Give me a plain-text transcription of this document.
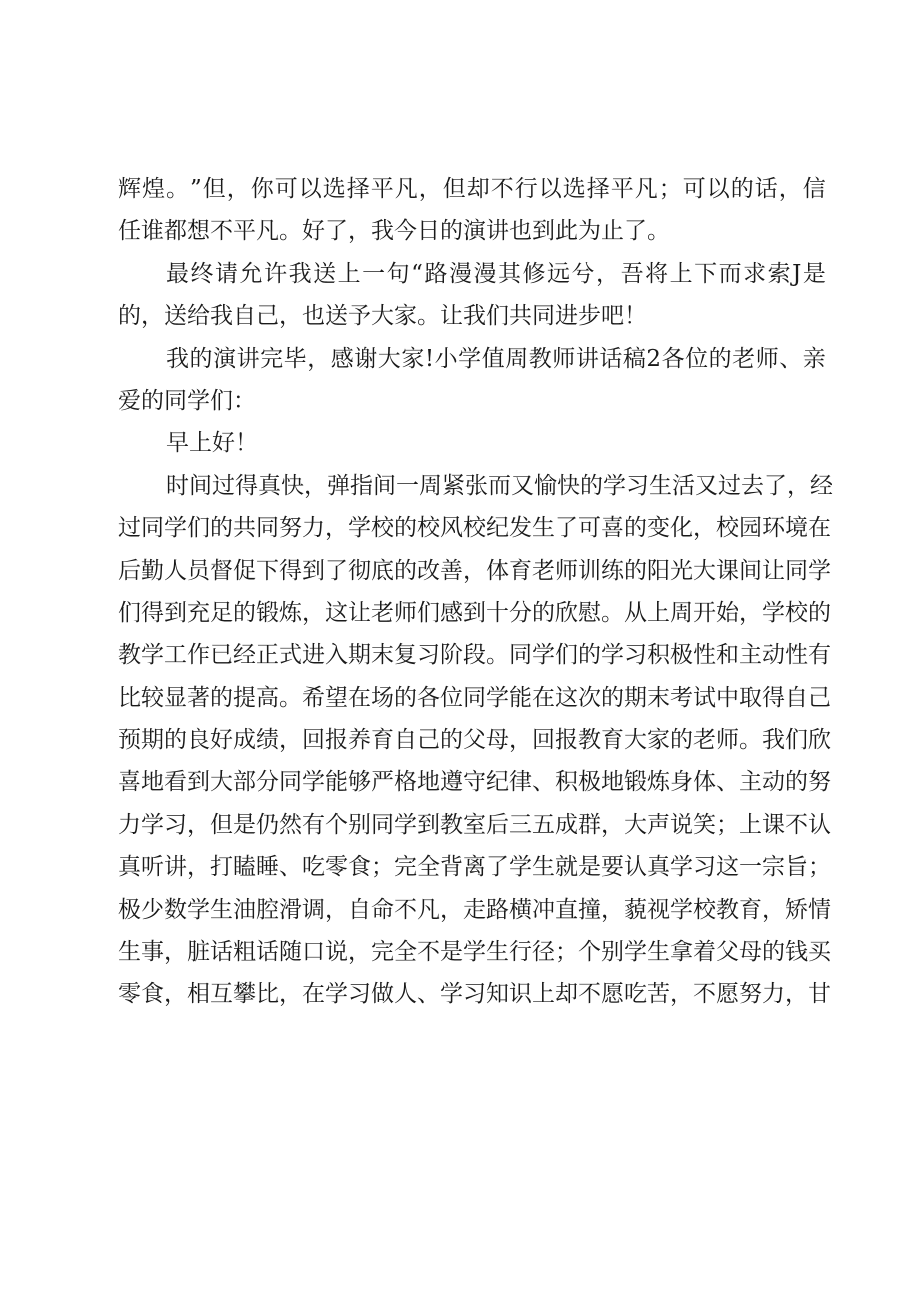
辉 煌 。 ” 但 ， 你 可 以 选 择 平 凡 ， 但 却 不 行 以 选 择 平 凡 ； 可 以 的 话 ， 信
任谁都想不平凡。好了，我今日的演讲也到此为止了。
最 终 请 允 许 我 送 上 一 句 “ 路 漫 漫 其 修 远 兮 ， 吾 将 上 下 而 求 索 J 是
的，送给我自己，也送予大家。让我们共同进步吧！
我 的 演 讲 完 毕 ， 感 谢 大 家 ! 小 学 值 周 教 师 讲 话 稿 2 各 位 的 老 师 、 亲
爱的同学们：
早上好！
时 间 过 得 真 快 ， 弹 指 间 一 周 紧 张 而 又 愉 快 的 学 习 生 活 又 过 去 了 ， 经
过 同 学 们 的 共 同 努 力 ， 学 校 的 校 风 校 纪 发 生 了 可 喜 的 变 化 ， 校 园 环 境 在
后 勤 人 员 督 促 下 得 到 了 彻 底 的 改 善 ， 体 育 老 师 训 练 的 阳 光 大 课 间 让 同 学
们 得 到 充 足 的 锻 炼 ， 这 让 老 师 们 感 到 十 分 的 欣 慰 。 从 上 周 开 始 ， 学 校 的
教 学 工 作 已 经 正 式 进 入 期 末 复 习 阶 段 。 同 学 们 的 学 习 积 极 性 和 主 动 性 有
比 较 显 著 的 提 高 。 希 望 在 场 的 各 位 同 学 能 在 这 次 的 期 末 考 试 中 取 得 自 己
预 期 的 良 好 成 绩 ， 回 报 养 育 自 己 的 父 母 ， 回 报 教 育 大 家 的 老 师 。 我 们 欣
喜 地 看 到 大 部 分 同 学 能 够 严 格 地 遵 守 纪 律 、 积 极 地 锻 炼 身 体 、 主 动 的 努
力 学 习 ， 但 是 仍 然 有 个 别 同 学 到 教 室 后 三 五 成 群 ， 大 声 说 笑 ； 上 课 不 认
真 听 讲 ， 打 瞌 睡 、 吃 零 食 ； 完 全 背 离 了 学 生 就 是 要 认 真 学 习 这 一 宗 旨 ；
极 少 数 学 生 油 腔 滑 调 ， 自 命 不 凡 ， 走 路 横 冲 直 撞 ， 藐 视 学 校 教 育 ， 矫 情
生 事 ， 脏 话 粗 话 随 口 说 ， 完 全 不 是 学 生 行 径 ； 个 别 学 生 拿 着 父 母 的 钱 买
零 食 ， 相 互 攀 比 ， 在 学 习 做 人 、 学 习 知 识 上 却 不 愿 吃 苦 ， 不 愿 努 力 ， 甘
